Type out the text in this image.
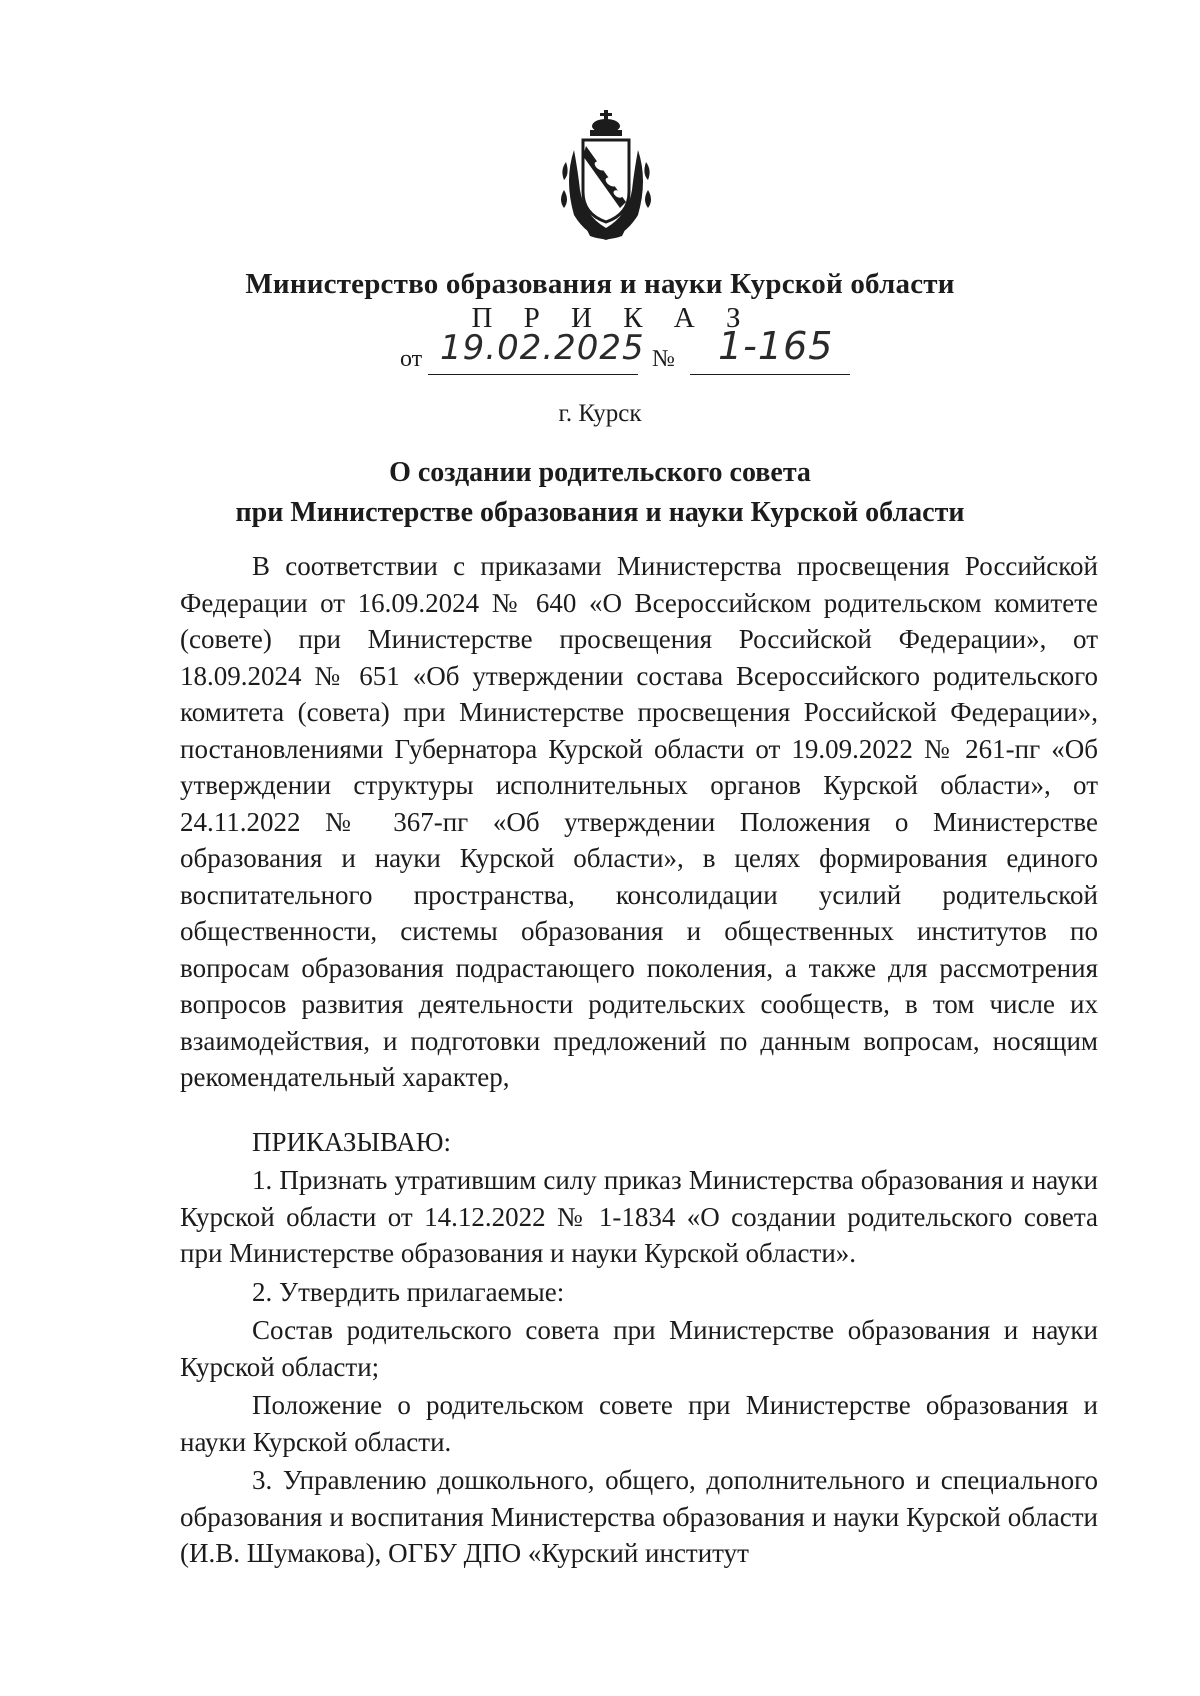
Министерство образования и науки Курской области
П Р И К А З
от 19.02.2025 № 1-165
г. Курск
О создании родительского совета
при Министерстве образования и науки Курской области

В соответствии с приказами Министерства просвещения Российской Федерации от 16.09.2024 № 640 «О Всероссийском родительском комитете (совете) при Министерстве просвещения Российской Федерации», от 18.09.2024 № 651 «Об утверждении состава Всероссийского родительского комитета (совета) при Министерстве просвещения Российской Федерации», постановлениями Губернатора Курской области от 19.09.2022 № 261-пг «Об утверждении структуры исполнительных органов Курской области», от 24.11.2022 № 367-пг «Об утверждении Положения о Министерстве образования и науки Курской области», в целях формирования единого воспитательного пространства, консолидации усилий родительской общественности, системы образования и общественных институтов по вопросам образования подрастающего поколения, а также для рассмотрения вопросов развития деятельности родительских сообществ, в том числе их взаимодействия, и подготовки предложений по данным вопросам, носящим рекомендательный характер,

ПРИКАЗЫВАЮ:

1. Признать утратившим силу приказ Министерства образования и науки Курской области от 14.12.2022 № 1-1834 «О создании родительского совета при Министерстве образования и науки Курской области».

2. Утвердить прилагаемые:

Состав родительского совета при Министерстве образования и науки Курской области;

Положение о родительском совете при Министерстве образования и науки Курской области.

3. Управлению дошкольного, общего, дополнительного и специального образования и воспитания Министерства образования и науки Курской области (И.В. Шумакова), ОГБУ ДПО «Курский институт
